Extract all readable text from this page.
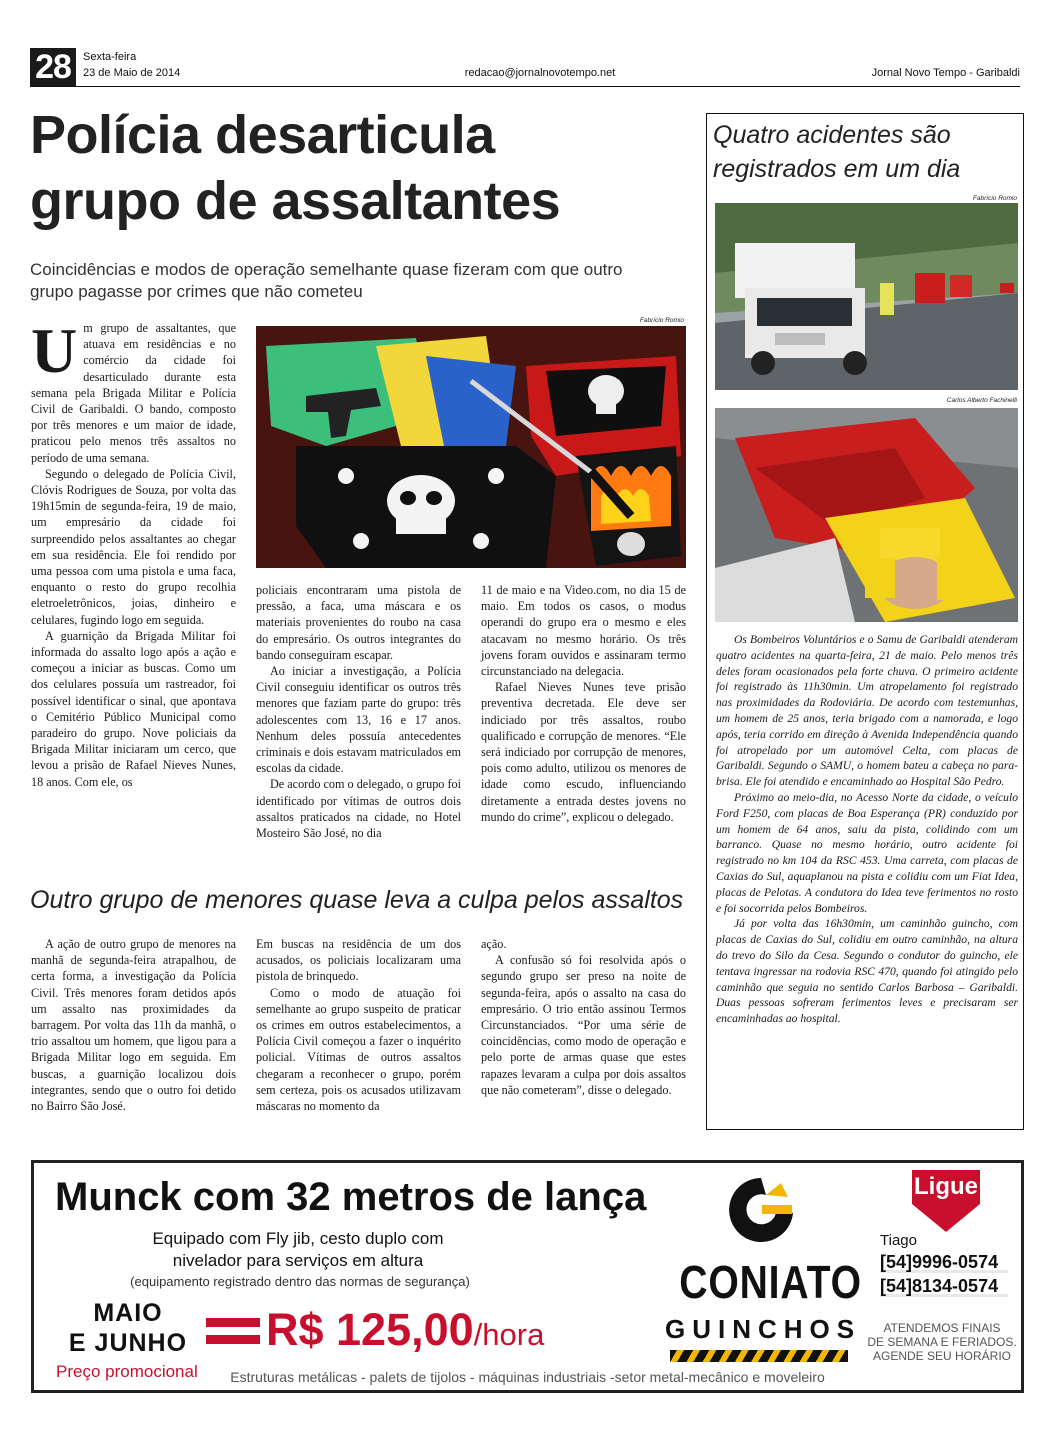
28	Sexta-feira
23 de Maio de 2014	redacao@jornalnovotempo.net	Jornal Novo Tempo - Garibaldi
Polícia desarticula
grupo de assaltantes
Coincidências e modos de operação semelhante quase fizeram com que outro grupo pagasse por crimes que não cometeu
Fabrício Romio
U m grupo de assaltantes, que atuava em residências e no comércio da cidade foi desarticulado durante esta semana pela Brigada Militar e Polícia Civil de Garibaldi. O bando, composto por três menores e um maior de idade, praticou pelo menos três assaltos no período de uma semana.

Segundo o delegado de Polícia Civil, Clóvis Rodrigues de Souza, por volta das 19h15min de segunda-feira, 19 de maio, um empresário da cidade foi surpreendido pelos assaltantes ao chegar em sua residência. Ele foi rendido por uma pessoa com uma pistola e uma faca, enquanto o resto do grupo recolhia eletroeletrônicos, joias, dinheiro e celulares, fugindo logo em seguida.

A guarnição da Brigada Militar foi informada do assalto logo após a ação e começou a iniciar as buscas. Como um dos celulares possuía um rastreador, foi possível identificar o sinal, que apontava o Cemitério Público Municipal como paradeiro do grupo. Nove policiais da Brigada Militar iniciaram um cerco, que levou a prisão de Rafael Nieves Nunes, 18 anos. Com ele, os

policiais encontraram uma pistola de pressão, a faca, uma máscara e os materiais provenientes do roubo na casa do empresário. Os outros integrantes do bando conseguiram escapar.

Ao iniciar a investigação, a Polícia Civil conseguiu identificar os outros três menores que faziam parte do grupo: três adolescentes com 13, 16 e 17 anos. Nenhum deles possuía antecedentes criminais e dois estavam matriculados em escolas da cidade.

De acordo com o delegado, o grupo foi identificado por vítimas de outros dois assaltos praticados na cidade, no Hotel Mosteiro São José, no dia

11 de maio e na Video.com, no dia 15 de maio. Em todos os casos, o modus operandi do grupo era o mesmo e eles atacavam no mesmo horário. Os três jovens foram ouvidos e assinaram termo circunstanciado na delegacia.

Rafael Nieves Nunes teve prisão preventiva decretada. Ele deve ser indiciado por três assaltos, roubo qualificado e corrupção de menores. “Ele será indiciado por corrupção de menores, pois como adulto, utilizou os menores de idade como escudo, influenciando diretamente a entrada destes jovens no mundo do crime”, explicou o delegado.

Outro grupo de menores quase leva a culpa pelos assaltos

A ação de outro grupo de menores na manhã de segunda-feira atrapalhou, de certa forma, a investigação da Polícia Civil. Três menores foram detidos após um assalto nas proximidades da barragem. Por volta das 11h da manhã, o trio assaltou um homem, que ligou para a Brigada Militar logo em seguida. Em buscas, a guarnição localizou dois integrantes, sendo que o outro foi detido no Bairro São José.

Em buscas na residência de um dos acusados, os policiais localizaram uma pistola de brinquedo.

Como o modo de atuação foi semelhante ao grupo suspeito de praticar os crimes em outros estabelecimentos, a Polícia Civil começou a fazer o inquérito policial. Vítimas de outros assaltos chegaram a reconhecer o grupo, porém sem certeza, pois os acusados utilizavam máscaras no momento da

ação.

A confusão só foi resolvida após o segundo grupo ser preso na noite de segunda-feira, após o assalto na casa do empresário. O trio então assinou Termos Circunstanciados. “Por uma série de coincidências, como modo de operação e pelo porte de armas quase que estes rapazes levaram a culpa por dois assaltos que não cometeram”, disse o delegado.

Quatro acidentes são registrados em um dia
Fabrício Romio
Carlos Alberto Fachinelli

Os Bombeiros Voluntários e o Samu de Garibaldi atenderam quatro acidentes na quarta-feira, 21 de maio. Pelo menos três deles foram ocasionados pela forte chuva. O primeiro acidente foi registrado às 11h30min. Um atropelamento foi registrado nas proximidades da Rodoviária. De acordo com testemunhas, um homem de 25 anos, teria brigado com a namorada, e logo após, teria corrido em direção à Avenida Independência quando foi atropelado por um automóvel Celta, com placas de Garibaldi. Segundo o SAMU, o homem bateu a cabeça no para-brisa. Ele foi atendido e encaminhado ao Hospital São Pedro.

Próximo ao meio-dia, no Acesso Norte da cidade, o veículo Ford F250, com placas de Boa Esperança (PR) conduzido por um homem de 64 anos, saiu da pista, colidindo com um barranco. Quase no mesmo horário, outro acidente foi registrado no km 104 da RSC 453. Uma carreta, com placas de Caxias do Sul, aquaplanou na pista e colidiu com um Fiat Idea, placas de Pelotas. A condutora do Idea teve ferimentos no rosto e foi socorrida pelos Bombeiros.

Já por volta das 16h30min, um caminhão guincho, com placas de Caxias do Sul, colidiu em outro caminhão, na altura do trevo do Silo da Cesa. Segundo o condutor do guincho, ele tentava ingressar na rodovia RSC 470, quando foi atingido pelo caminhão que seguia no sentido Carlos Barbosa – Garibaldi. Duas pessoas sofreram ferimentos leves e precisaram ser encaminhadas ao hospital.

Munck com 32 metros de lança
Equipado com Fly jib, cesto duplo com
nivelador para serviços em altura
(equipamento registrado dentro das normas de segurança)
MAIO
E JUNHO
Preço promocional
R$ 125,00/hora
CONIATO
GUINCHOS
Ligue
Tiago
[54]9996-0574
[54]8134-0574
ATENDEMOS FINAIS
DE SEMANA E FERIADOS.
AGENDE SEU HORÁRIO
Estruturas metálicas - palets de tijolos - máquinas industriais -setor metal-mecânico e moveleiro
